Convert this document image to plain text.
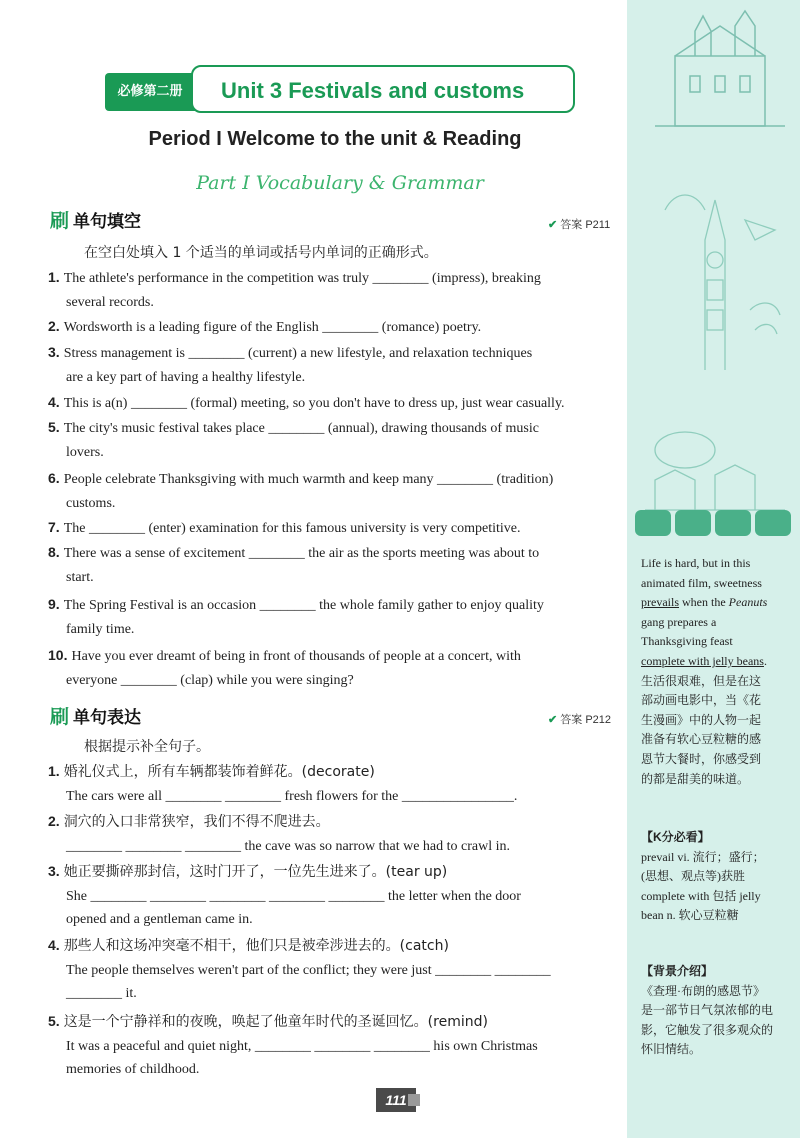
Life is hard, but in this animated film, sweetness prevails when the Peanuts gang prepares a Thanksgiving feast complete with jelly beans. 生活很艰难，但是在这部动画电影中，当《花生漫画》中的人物一起准备有软心豆粒糖的感恩节大餐时，你感受到的都是甜美的味道。
【K分必看】
prevail vi. 流行；盛行；(思想、观点等)获胜 complete with 包括 jelly bean n. 软心豆粒糖
【背景介绍】
《查理·布朗的感恩节》是一部节日气氛浓郁的电影，它触发了很多观众的怀旧情结。
必修第二册	Unit 3 Festivals and customs
Period I Welcome to the unit & Reading
Part I Vocabulary & Grammar
刷 单句填空	✔ 答案 P211
在空白处填入 1 个适当的单词或括号内单词的正确形式。
1. The athlete's performance in the competition was truly ________ (impress), breaking
several records.
2. Wordsworth is a leading figure of the English ________ (romance) poetry.
3. Stress management is ________ (current) a new lifestyle, and relaxation techniques
are a key part of having a healthy lifestyle.
4. This is a(n) ________ (formal) meeting, so you don't have to dress up, just wear casually.
5. The city's music festival takes place ________ (annual), drawing thousands of music
lovers.
6. People celebrate Thanksgiving with much warmth and keep many ________ (tradition)
customs.
7. The ________ (enter) examination for this famous university is very competitive.
8. There was a sense of excitement ________ the air as the sports meeting was about to
start.
9. The Spring Festival is an occasion ________ the whole family gather to enjoy quality
family time.
10. Have you ever dreamt of being in front of thousands of people at a concert, with
everyone ________ (clap) while you were singing?
刷 单句表达	✔ 答案 P212
根据提示补全句子。
1. 婚礼仪式上，所有车辆都装饰着鲜花。(decorate)
The cars were all ________ ________ fresh flowers for the ________________.
2. 洞穴的入口非常狭窄，我们不得不爬进去。
________ ________ ________ the cave was so narrow that we had to crawl in.
3. 她正要撕碎那封信，这时门开了，一位先生进来了。(tear up)
She ________ ________ ________ ________ ________ the letter when the door
opened and a gentleman came in.
4. 那些人和这场冲突毫不相干，他们只是被牵涉进去的。(catch)
The people themselves weren't part of the conflict; they were just ________ ________
________ it.
5. 这是一个宁静祥和的夜晚，唤起了他童年时代的圣诞回忆。(remind)
It was a peaceful and quiet night, ________ ________ ________ his own Christmas
memories of childhood.
111
